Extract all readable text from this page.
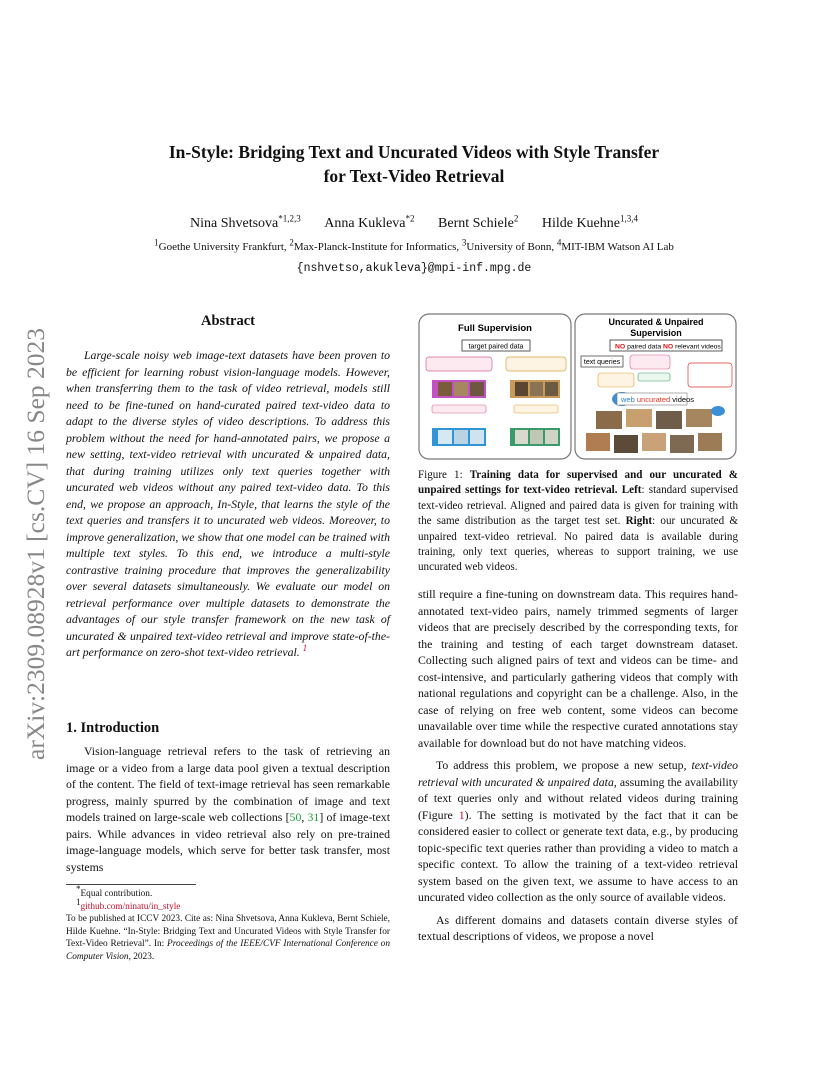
arXiv:2309.08928v1 [cs.CV] 16 Sep 2023
In-Style: Bridging Text and Uncurated Videos with Style Transfer
for Text-Video Retrieval
Nina Shvetsova$^{*1,2,3}$ Anna Kukleva$^{*2}$ Bernt Schiele$^2$ Hilde Kuehne$^{1,3,4}$
$^1$Goethe University Frankfurt, $^2$Max-Planck-Institute for Informatics, $^3$University of Bonn, $^4$MIT-IBM Watson AI Lab
{nshvetso,akukleva}@mpi-inf.mpg.de
Abstract
Large-scale noisy web image-text datasets have been proven to be efficient for learning robust vision-language models. However, when transferring them to the task of video retrieval, models still need to be fine-tuned on hand-curated paired text-video data to adapt to the diverse styles of video descriptions. To address this problem without the need for hand-annotated pairs, we propose a new setting, text-video retrieval with uncurated & unpaired data, that during training utilizes only text queries together with uncurated web videos without any paired text-video data. To this end, we propose an approach, In-Style, that learns the style of the text queries and transfers it to uncurated web videos. Moreover, to improve generalization, we show that one model can be trained with multiple text styles. To this end, we introduce a multi-style contrastive training procedure that improves the generalizability over several datasets simultaneously. We evaluate our model on retrieval performance over multiple datasets to demonstrate the advantages of our style transfer framework on the new task of uncurated & unpaired text-video retrieval and improve state-of-the-art performance on zero-shot text-video retrieval. $^1$
1. Introduction
Vision-language retrieval refers to the task of retrieving an image or a video from a large data pool given a textual description of the content. The field of text-image retrieval has seen remarkable progress, mainly spurred by the combination of image and text models trained on large-scale web collections [50, 31] of image-text pairs. While advances in video retrieval also rely on pre-trained image-language models, which serve for better task transfer, most systems

*Equal contribution.

$^1$github.com/ninatu/in_style

To be published at ICCV 2023. Cite as: Nina Shvetsova, Anna Kukleva, Bernt Schiele, Hilde Kuehne. “In-Style: Bridging Text and Uncurated Videos with Style Transfer for Text-Video Retrieval”. In: Proceedings of the IEEE/CVF International Conference on Computer Vision, 2023.

Full Supervision
target paired data
Uncurated & Unpaired
Supervision
NO paired data NO relevant videos
text queries
web uncurated videos
Figure 1: Training data for supervised and our uncurated & unpaired settings for text-video retrieval. Left: standard supervised text-video retrieval. Aligned and paired data is given for training with the same distribution as the target test set. Right: our uncurated & unpaired text-video retrieval. No paired data is available during training, only text queries, whereas to support training, we use uncurated web videos.

still require a fine-tuning on downstream data. This requires hand-annotated text-video pairs, namely trimmed segments of larger videos that are precisely described by the corresponding texts, for the training and testing of each target downstream dataset. Collecting such aligned pairs of text and videos can be time- and cost-intensive, and particularly gathering videos that comply with national regulations and copyright can be a challenge. Also, in the case of relying on free web content, some videos can become unavailable over time while the respective curated annotations stay available for download but do not have matching videos.

To address this problem, we propose a new setup, text-video retrieval with uncurated & unpaired data, assuming the availability of text queries only and without related videos during training (Figure 1). The setting is motivated by the fact that it can be considered easier to collect or generate text data, e.g., by producing topic-specific text queries rather than providing a video to match a specific context. To allow the training of a text-video retrieval system based on the given text, we assume to have access to an uncurated video collection as the only source of available videos.

As different domains and datasets contain diverse styles of textual descriptions of videos, we propose a novel
